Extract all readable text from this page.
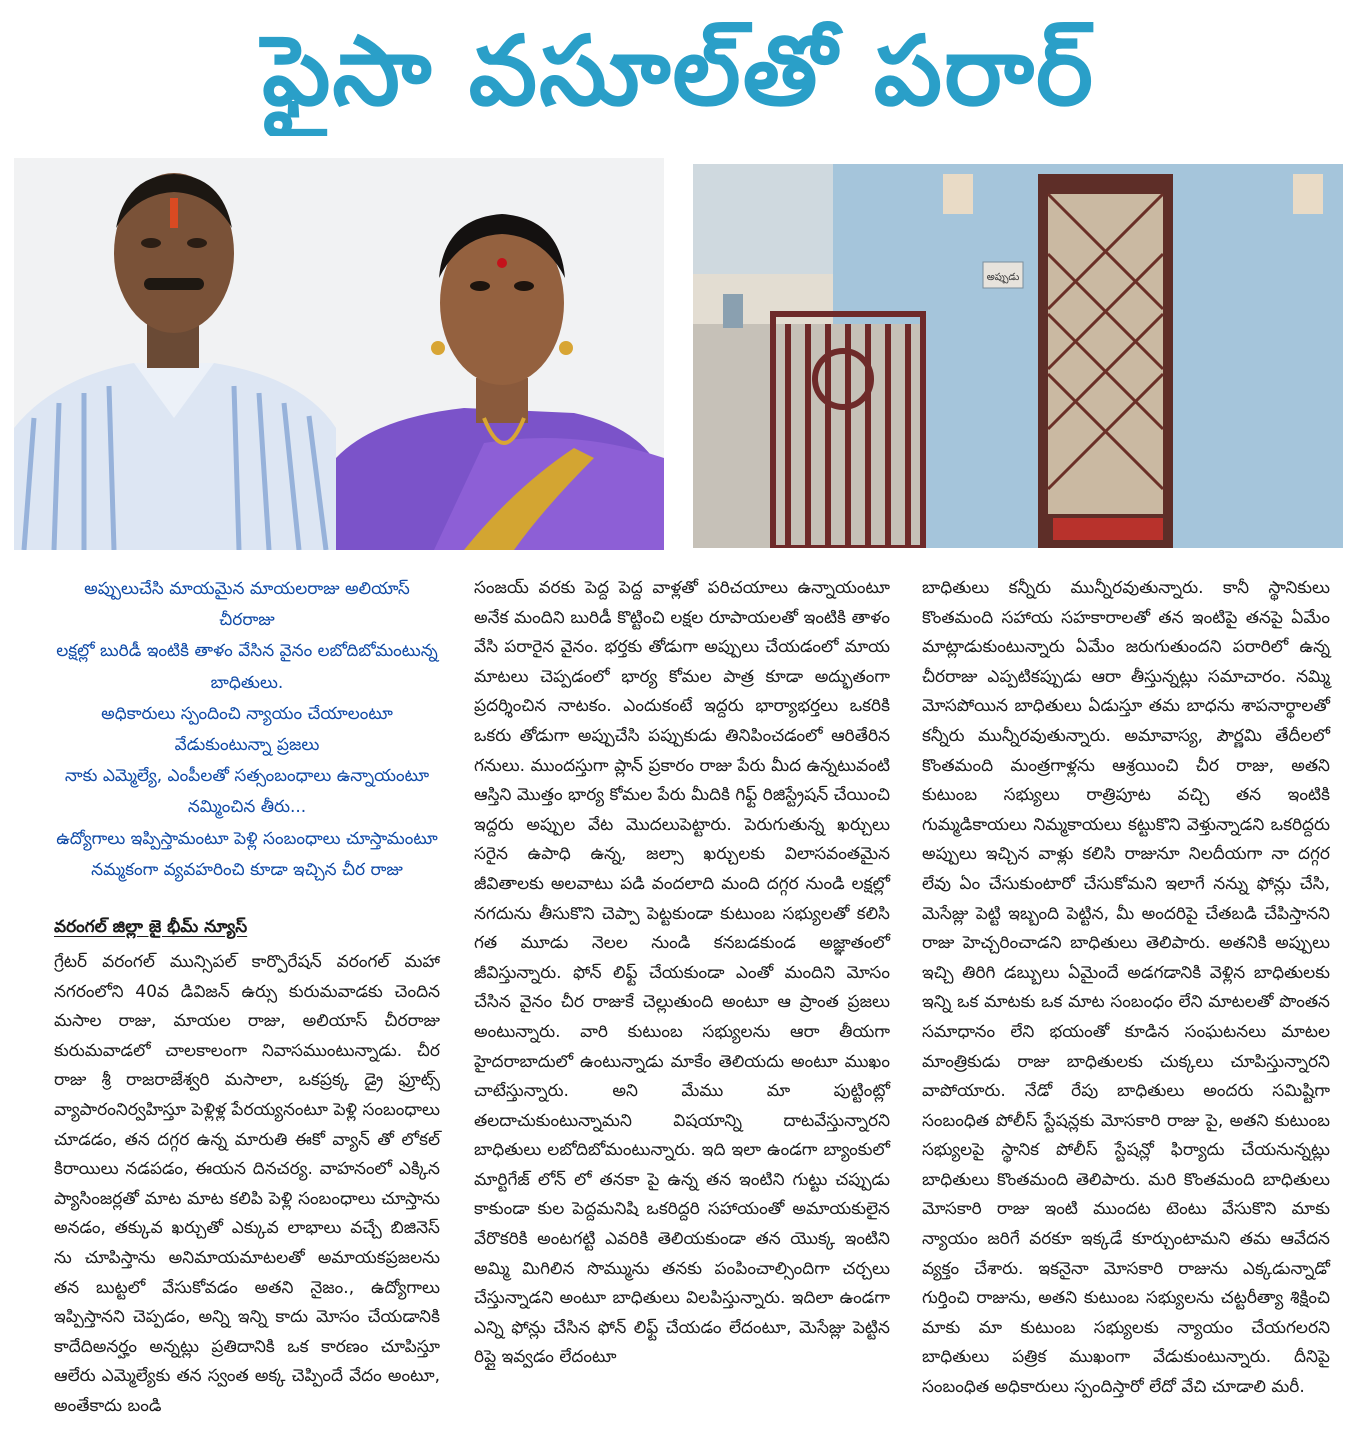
ఫైసా వసూల్‌తో పరార్
అప్పుడు

అప్పులుచేసి మాయమైన మాయలరాజు అలియాస్ చీరరాజు

లక్షల్లో బురిడీ ఇంటికి తాళం వేసిన వైనం లబోదిబోమంటున్న బాధితులు.

అధికారులు స్పందించి న్యాయం చేయాలంటూ వేడుకుంటున్నా ప్రజలు

నాకు ఎమ్మెల్యే, ఎంపీలతో సత్సంబంధాలు ఉన్నాయంటూ నమ్మించిన తీరు...

ఉద్యోగాలు ఇప్పిస్తామంటూ పెళ్లి సంబంధాలు చూస్తామంటూ నమ్మకంగా వ్యవహరించి కూడా ఇచ్చిన చీర రాజు

వరంగల్ జిల్లా జై భీమ్ న్యూస్

గ్రేటర్ వరంగల్ మున్సిపల్ కార్పొరేషన్ వరంగల్ మహా నగరంలోని 40వ డివిజన్ ఉర్సు కురుమవాడకు చెందిన మసాల రాజు, మాయల రాజు, అలియాస్ చీరరాజు కురుమవాడలో చాలకాలంగా నివాసముంటున్నాడు. చీర రాజు శ్రీ రాజరాజేశ్వరి మసాలా, ఒకప్రక్క డ్రై ఫ్రూట్స్ వ్యాపారంనిర్వహిస్తూ పెళ్లిళ్ల పేరయ్యనంటూ పెళ్లి సంబంధాలు చూడడం, తన దగ్గర ఉన్న మారుతి ఈకో వ్యాన్ తో లోకల్ కిరాయిలు నడపడం, ఈయన దినచర్య. వాహనంలో ఎక్కిన ప్యాసింజర్లతో మాట మాట కలిపి పెళ్లి సంబంధాలు చూస్తాను అనడం, తక్కువ ఖర్చుతో ఎక్కువ లాభాలు వచ్చే బిజినెస్ ను చూపిస్తాను అనిమాయమాటలతో అమాయకప్రజలను తన బుట్టలో వేసుకోవడం అతని నైజం., ఉద్యోగాలు ఇప్పిస్తానని చెప్పడం, అన్ని ఇన్ని కాదు మోసం చేయడానికి కాదేదిఅనర్హం అన్నట్లు ప్రతిదానికి ఒక కారణం చూపిస్తూ ఆలేరు ఎమ్మెల్యేకు తన స్వంత అక్క చెప్పిందే వేదం అంటూ, అంతేకాదు బండి

సంజయ్ వరకు పెద్ద పెద్ద వాళ్లతో పరిచయాలు ఉన్నాయంటూ అనేక మందిని బురిడీ కొట్టించి లక్షల రూపాయలతో ఇంటికి తాళం వేసి పరారైన వైనం. భర్తకు తోడుగా అప్పులు చేయడంలో మాయ మాటలు చెప్పడంలో భార్య కోమల పాత్ర కూడా అద్భుతంగా ప్రదర్శించిన నాటకం. ఎందుకంటే ఇద్దరు భార్యాభర్తలు ఒకరికి ఒకరు తోడుగా అప్పుచేసి పప్పుకుడు తినిపించడంలో ఆరితేరిన గనులు. ముందస్తుగా ప్లాన్ ప్రకారం రాజు పేరు మీద ఉన్నటువంటి ఆస్తిని మొత్తం భార్య కోమల పేరు మీదికి గిఫ్ట్ రిజిస్ట్రేషన్ చేయించి ఇద్దరు అప్పుల వేట మొదలుపెట్టారు. పెరుగుతున్న ఖర్చులు సరైన ఉపాధి ఉన్న, జల్సా ఖర్చులకు విలాసవంతమైన జీవితాలకు అలవాటు పడి వందలాది మంది దగ్గర నుండి లక్షల్లో నగదును తీసుకొని చెప్పా పెట్టకుండా కుటుంబ సభ్యులతో కలిసి గత మూడు నెలల నుండి కనబడకుండ అజ్ఞాతంలో జీవిస్తున్నారు. ఫోన్ లిఫ్ట్ చేయకుండా ఎంతో మందిని మోసం చేసిన వైనం చీర రాజుకే చెల్లుతుంది అంటూ ఆ ప్రాంత ప్రజలు అంటున్నారు. వారి కుటుంబ సభ్యులను ఆరా తీయగా హైదరాబాదులో ఉంటున్నాడు మాకేం తెలియదు అంటూ ముఖం చాటేస్తున్నారు. అని మేము మా పుట్టింట్లో తలదాచుకుంటున్నామని విషయాన్ని దాటవేస్తున్నారని బాధితులు లబోదిబోమంటున్నారు. ఇది ఇలా ఉండగా బ్యాంకులో మార్టిగేజ్ లోన్ లో తనకా పై ఉన్న తన ఇంటిని గుట్టు చప్పుడు కాకుండా కుల పెద్దమనిషి ఒకరిద్దరి సహాయంతో అమాయకులైన వేరొకరికి అంటగట్టి ఎవరికి తెలియకుండా తన యొక్క ఇంటిని అమ్మి మిగిలిన సొమ్మును తనకు పంపించాల్సిందిగా చర్చలు చేస్తున్నాడని అంటూ బాధితులు విలపిస్తున్నారు. ఇదిలా ఉండగా ఎన్ని ఫోన్లు చేసిన ఫోన్ లిఫ్ట్ చేయడం లేదంటూ, మెసేజ్లు పెట్టిన రిప్లై ఇవ్వడం లేదంటూ

బాధితులు కన్నీరు మున్నీరవుతున్నారు. కానీ స్థానికులు కొంతమంది సహాయ సహకారాలతో తన ఇంటిపై తనపై ఏమేం మాట్లాడుకుంటున్నారు ఏమేం జరుగుతుందని పరారిలో ఉన్న చీరరాజు ఎప్పటికప్పుడు ఆరా తీస్తున్నట్లు సమాచారం. నమ్మి మోసపోయిన బాధితులు ఏడుస్తూ తమ బాధను శాపనార్థాలతో కన్నీరు మున్నీరవుతున్నారు. అమావాస్య, పౌర్ణమి తేదీలలో కొంతమంది మంత్రగాళ్లను ఆశ్రయించి చీర రాజు, అతని కుటుంబ సభ్యులు రాత్రిపూట వచ్చి తన ఇంటికి గుమ్మడికాయలు నిమ్మకాయలు కట్టుకొని వెళ్తున్నాడని ఒకరిద్దరు అప్పులు ఇచ్చిన వాళ్లు కలిసి రాజునూ నిలదీయగా నా దగ్గర లేవు ఏం చేసుకుంటారో చేసుకోమని ఇలాగే నన్ను ఫోన్లు చేసి, మెసేజ్లు పెట్టి ఇబ్బంది పెట్టిన, మీ అందరిపై చేతబడి చేపిస్తానని రాజు హెచ్చరించాడని బాధితులు తెలిపారు. అతనికి అప్పులు ఇచ్చి తిరిగి డబ్బులు ఏమైందే అడగడానికి వెళ్లిన బాధితులకు ఇన్ని ఒక మాటకు ఒక మాట సంబంధం లేని మాటలతో పొంతన సమాధానం లేని భయంతో కూడిన సంఘటనలు మాటల మాంత్రికుడు రాజు బాధితులకు చుక్కలు చూపిస్తున్నారని వాపోయారు. నేడో రేపు బాధితులు అందరు సమిష్టిగా సంబంధిత పోలీస్ స్టేషన్లకు మోసకారి రాజు పై, అతని కుటుంబ సభ్యులపై స్థానిక పోలీస్ స్టేషన్లో ఫిర్యాదు చేయనున్నట్లు బాధితులు కొంతమంది తెలిపారు. మరి కొంతమంది బాధితులు మోసకారి రాజు ఇంటి ముందట టెంటు వేసుకొని మాకు న్యాయం జరిగే వరకూ ఇక్కడే కూర్చుంటామని తమ ఆవేదన వ్యక్తం చేశారు. ఇకనైనా మోసకారి రాజును ఎక్కడున్నాడో గుర్తించి రాజును, అతని కుటుంబ సభ్యులను చట్టరీత్యా శిక్షించి మాకు మా కుటుంబ సభ్యులకు న్యాయం చేయగలరని బాధితులు పత్రిక ముఖంగా వేడుకుంటున్నారు. దీనిపై సంబంధిత అధికారులు స్పందిస్తారో లేదో వేచి చూడాలి మరీ.
